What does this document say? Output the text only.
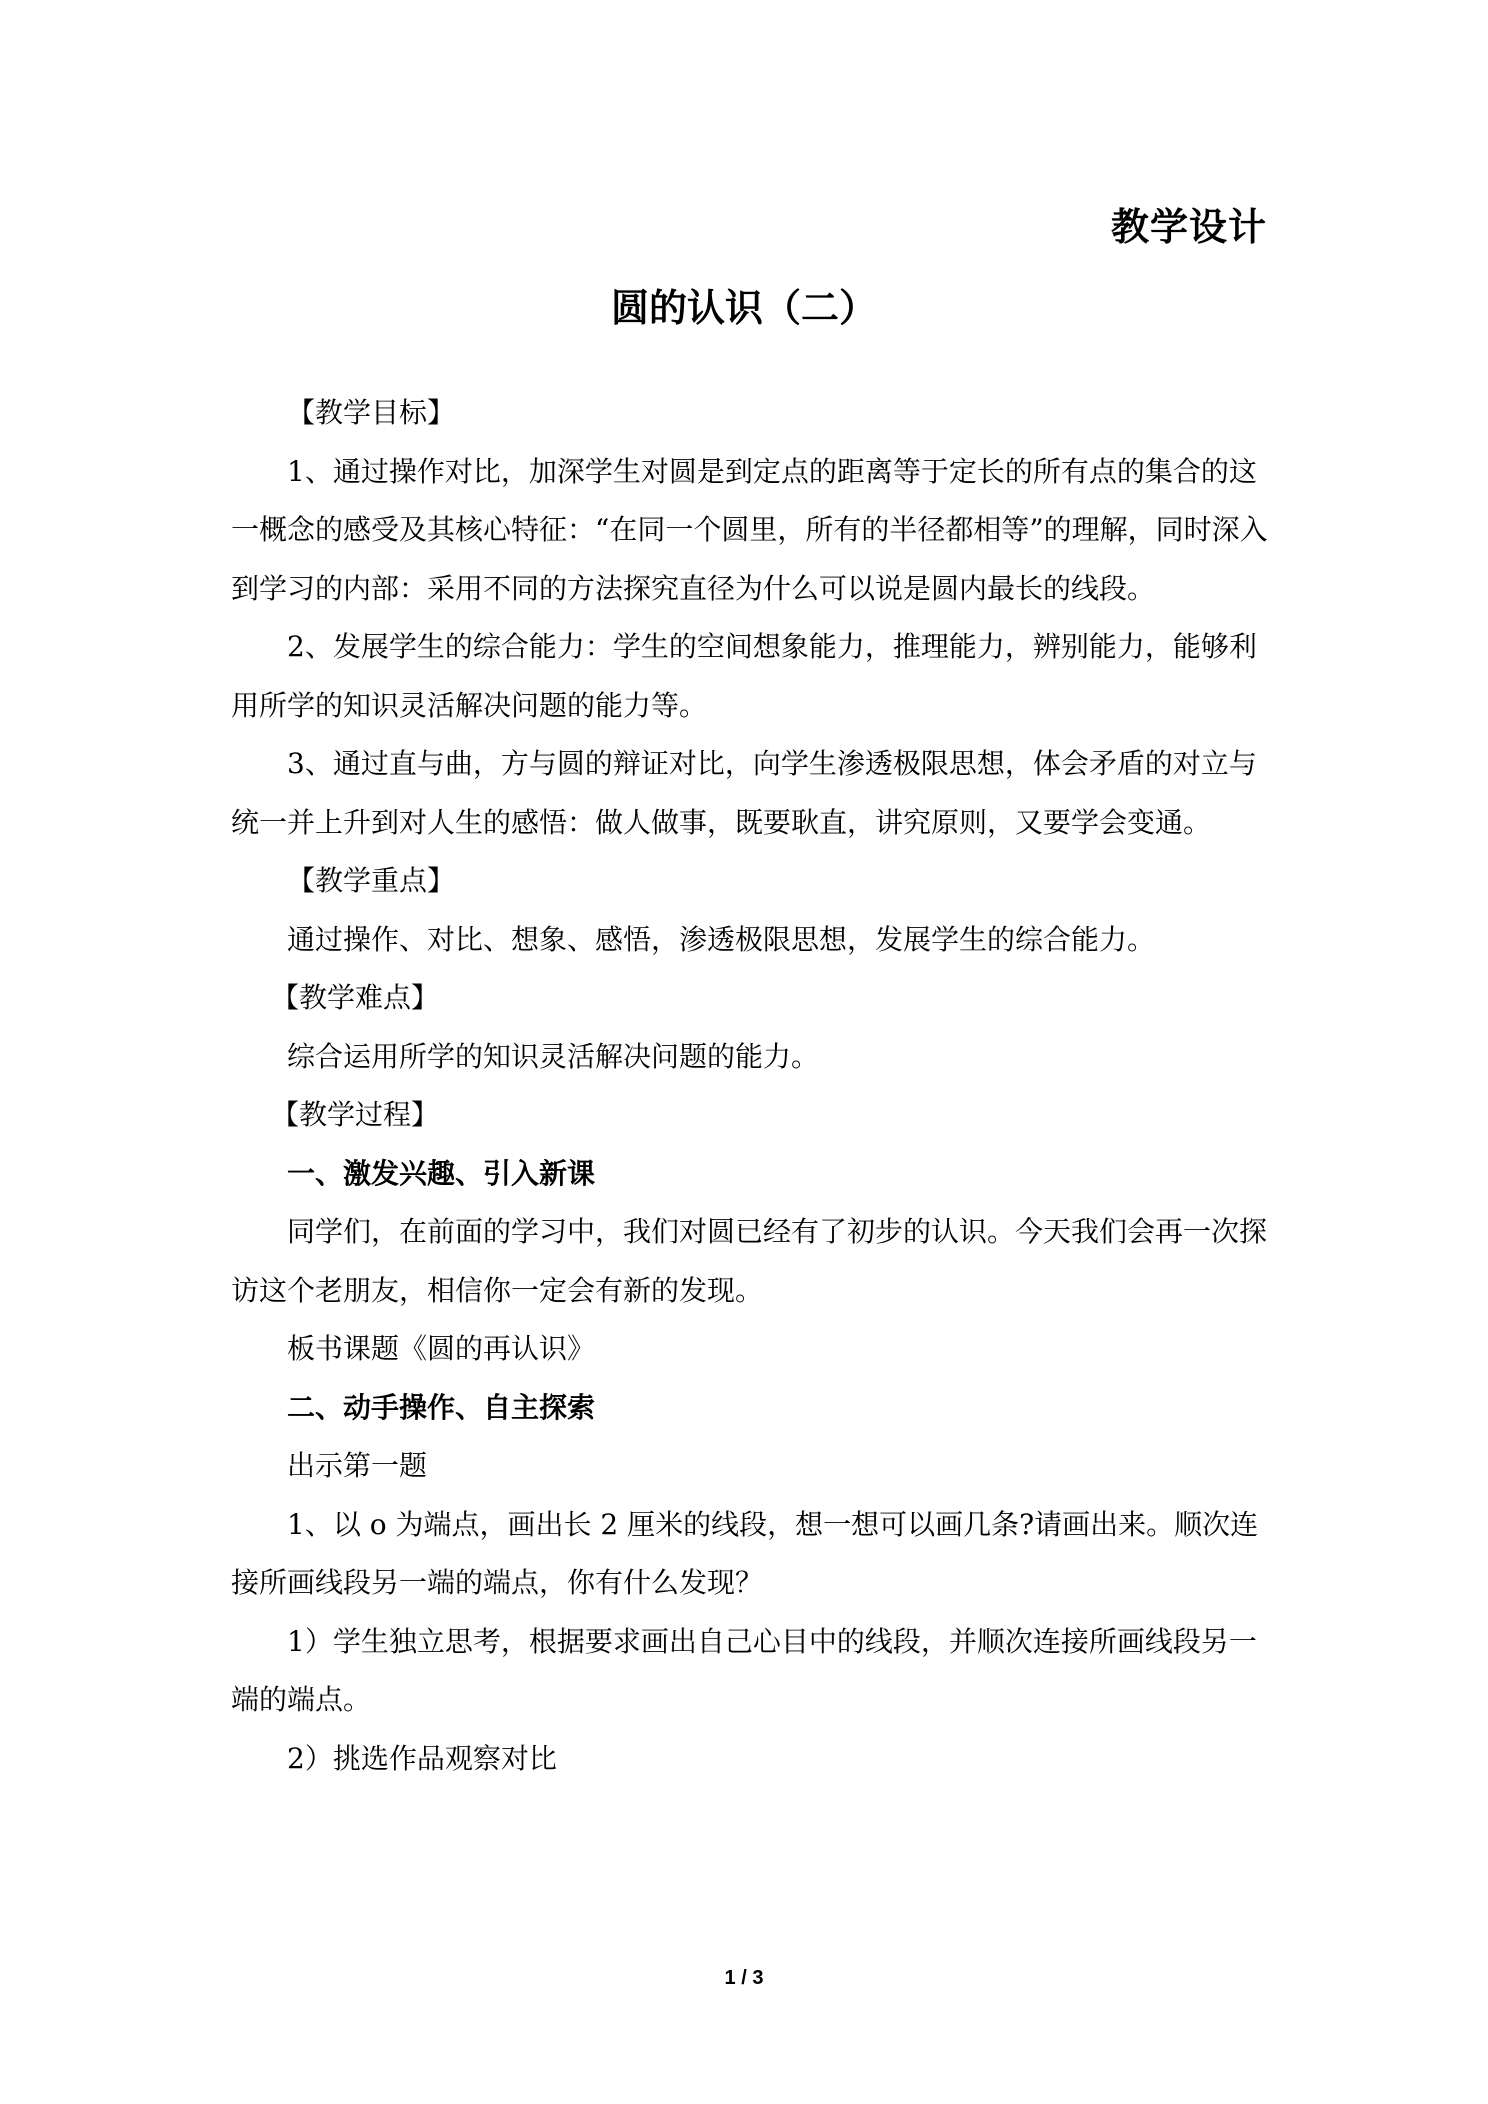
教学设计
圆的认识（二）

【教学目标】

1、通过操作对比，加深学生对圆是到定点的距离等于定长的所有点的集合的这一概念的感受及其核心特征：“在同一个圆里，所有的半径都相等”的理解，同时深入到学习的内部：采用不同的方法探究直径为什么可以说是圆内最长的线段。

2、发展学生的综合能力：学生的空间想象能力，推理能力，辨别能力，能够利用所学的知识灵活解决问题的能力等。

3、通过直与曲，方与圆的辩证对比，向学生渗透极限思想，体会矛盾的对立与统一并上升到对人生的感悟：做人做事，既要耿直，讲究原则，又要学会变通。

【教学重点】

通过操作、对比、想象、感悟，渗透极限思想，发展学生的综合能力。

【教学难点】

综合运用所学的知识灵活解决问题的能力。

【教学过程】

一、激发兴趣、引入新课

同学们，在前面的学习中，我们对圆已经有了初步的认识。今天我们会再一次探访这个老朋友，相信你一定会有新的发现。

板书课题《圆的再认识》

二、动手操作、自主探索

出示第一题

1、以 o 为端点，画出长 2 厘米的线段，想一想可以画几条?请画出来。顺次连接所画线段另一端的端点，你有什么发现？

1）学生独立思考，根据要求画出自己心目中的线段，并顺次连接所画线段另一端的端点。

2）挑选作品观察对比

1 / 3
